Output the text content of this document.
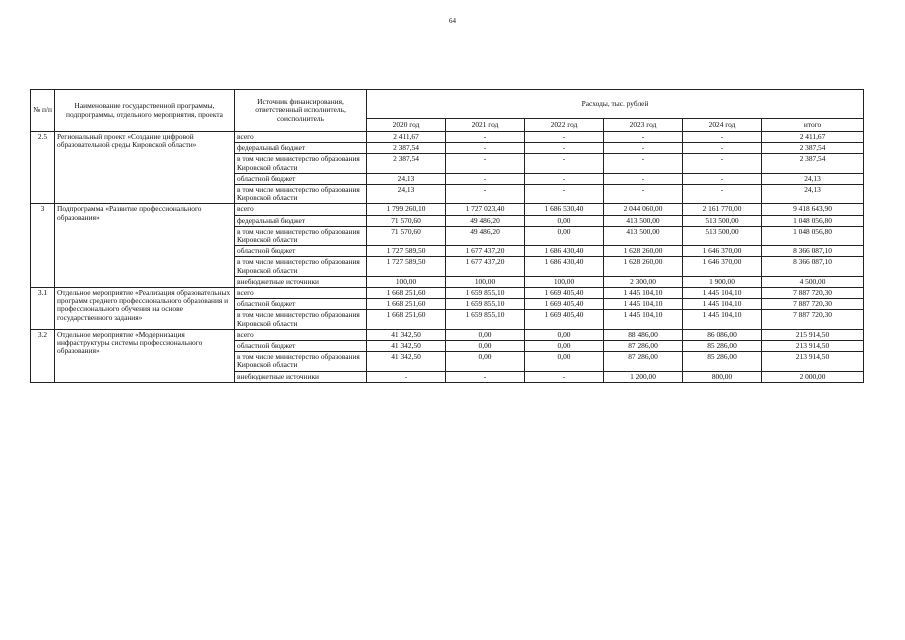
64
№ п/п	Наименование государственной программы, подпрограммы, отдельного мероприятия, проекта	Источник финансирования, ответственный исполнитель, соисполнитель	Расходы, тыс. рублей					
			2020 год	2021 год	2022 год	2023 год	2024 год	итого
2.5	Региональный проект «Создание цифровой образовательной среды Кировской области»	всего	2 411,67	-	-	-	-	2 411,67
		федеральный бюджет	2 387,54	-	-	-	-	2 387,54
		в том числе министерство образования Кировской области	2 387,54	-	-	-	-	2 387,54
		областной бюджет	24,13	-	-	-	-	24,13
		в том числе министерство образования Кировской области	24,13	-	-	-	-	24,13
3	Подпрограмма «Развитие профессионального образования»	всего	1 799 260,10	1 727 023,40	1 686 530,40	2 044 060,00	2 161 770,00	9 418 643,90
		федеральный бюджет	71 570,60	49 486,20	0,00	413 500,00	513 500,00	1 048 056,80
		в том числе министерство образования Кировской области	71 570,60	49 486,20	0,00	413 500,00	513 500,00	1 048 056,80
		областной бюджет	1 727 589,50	1 677 437,20	1 686 430,40	1 628 260,00	1 646 370,00	8 366 087,10
		в том числе министерство образования Кировской области	1 727 589,50	1 677 437,20	1 686 430,40	1 628 260,00	1 646 370,00	8 366 087,10
		внебюджетные источники	100,00	100,00	100,00	2 300,00	1 900,00	4 500,00
3.1	Отдельное мероприятие «Реализация образовательных программ среднего профессионального образования и профессионального обучения на основе государственного задания»	всего	1 668 251,60	1 659 855,10	1 669 405,40	1 445 104,10	1 445 104,10	7 887 720,30
		областной бюджет	1 668 251,60	1 659 855,10	1 669 405,40	1 445 104,10	1 445 104,10	7 887 720,30
		в том числе министерство образования Кировской области	1 668 251,60	1 659 855,10	1 669 405,40	1 445 104,10	1 445 104,10	7 887 720,30
3.2	Отдельное мероприятие «Модернизация инфраструктуры системы профессионального образования»	всего	41 342,50	0,00	0,00	88 486,00	86 086,00	215 914,50
		областной бюджет	41 342,50	0,00	0,00	87 286,00	85 286,00	213 914,50
		в том числе министерство образования Кировской области	41 342,50	0,00	0,00	87 286,00	85 286,00	213 914,50
		внебюджетные источники	-	-	-	1 200,00	800,00	2 000,00
